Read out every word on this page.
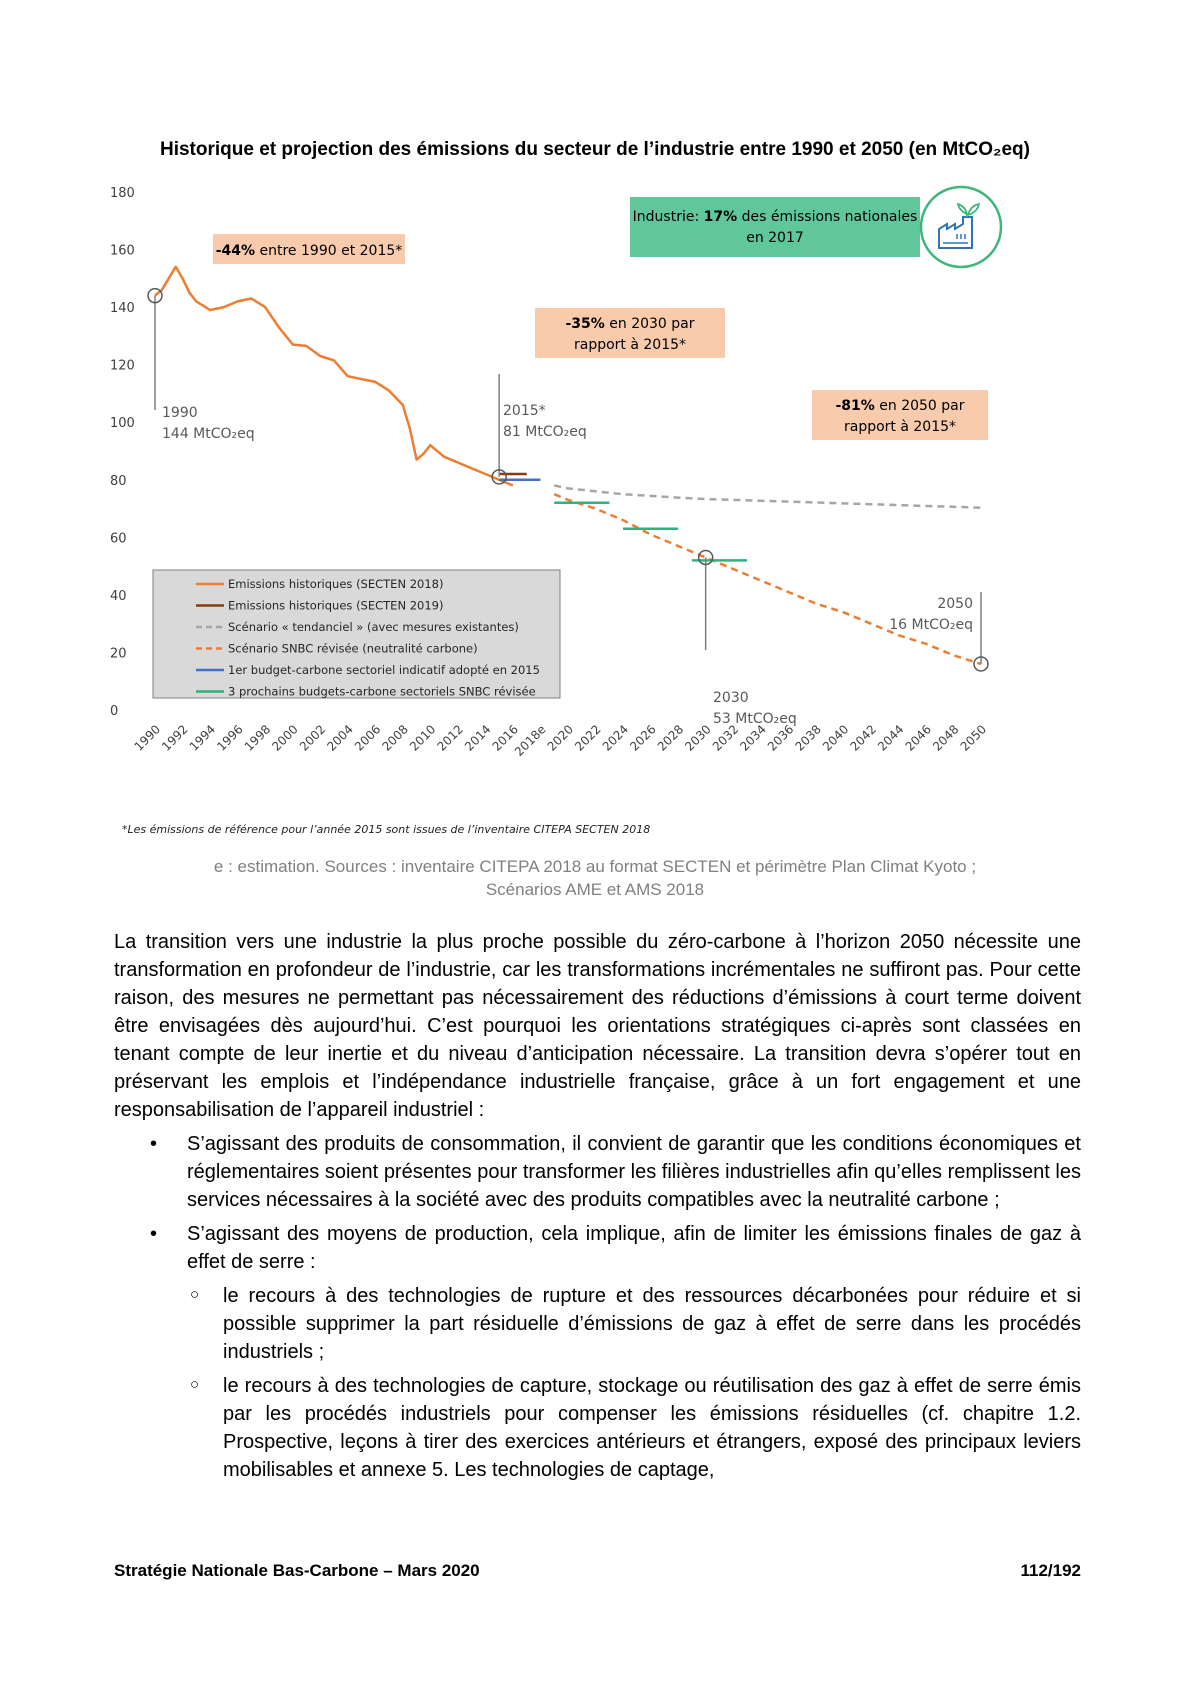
Historique et projection des émissions du secteur de l’industrie entre 1990 et 2050 (en MtCO₂eq)
0
20
40
60
80
100
120
140
160
180
1990
1992
1994
1996
1998
2000
2002
2004
2006
2008
2010
2012
2014
2016
2018e
2020
2022
2024
2026
2028
2030
2032
2034
2036
2038
2040
2042
2044
2046
2048
2050
-44% entre 1990 et 2015*
-35% en 2030 par
rapport à 2015*
-81% en 2050 par
rapport à 2015*
Industrie: 17% des émissions nationales
en 2017
1990
144 MtCO₂eq
2015*
81 MtCO₂eq
2030
53 MtCO₂eq
2050
16 MtCO₂eq
Emissions historiques (SECTEN 2018)
Emissions historiques (SECTEN 2019)
Scénario « tendanciel » (avec mesures existantes)
Scénario SNBC révisée (neutralité carbone)
1er budget-carbone sectoriel indicatif adopté en 2015
3 prochains budgets-carbone sectoriels SNBC révisée
*Les émissions de référence pour l’année 2015 sont issues de l’inventaire CITEPA SECTEN 2018
e : estimation. Sources : inventaire CITEPA 2018 au format SECTEN et périmètre Plan Climat Kyoto ;
Scénarios AME et AMS 2018

La transition vers une industrie la plus proche possible du zéro-carbone à l’horizon 2050 nécessite une transformation en profondeur de l’industrie, car les transformations incrémentales ne suffiront pas. Pour cette raison, des mesures ne permettant pas nécessairement des réductions d’émissions à court terme doivent être envisagées dès aujourd’hui. C’est pourquoi les orientations stratégiques ci-après sont classées en tenant compte de leur inertie et du niveau d’anticipation nécessaire. La transition devra s’opérer tout en préservant les emplois et l’indépendance industrielle française, grâce à un fort engagement et une responsabilisation de l’appareil industriel :

• S’agissant des produits de consommation, il convient de garantir que les conditions économiques et réglementaires soient présentes pour transformer les filières industrielles afin qu’elles remplissent les services nécessaires à la société avec des produits compatibles avec la neutralité carbone ;
• S’agissant des moyens de production, cela implique, afin de limiter les émissions finales de gaz à effet de serre :
○ le recours à des technologies de rupture et des ressources décarbonées pour réduire et si possible supprimer la part résiduelle d’émissions de gaz à effet de serre dans les procédés industriels ;
○ le recours à des technologies de capture, stockage ou réutilisation des gaz à effet de serre émis par les procédés industriels pour compenser les émissions résiduelles (cf. chapitre 1.2. Prospective, leçons à tirer des exercices antérieurs et étrangers, exposé des principaux leviers mobilisables et annexe 5. Les technologies de captage,
Stratégie Nationale Bas-Carbone – Mars 2020	112/192
